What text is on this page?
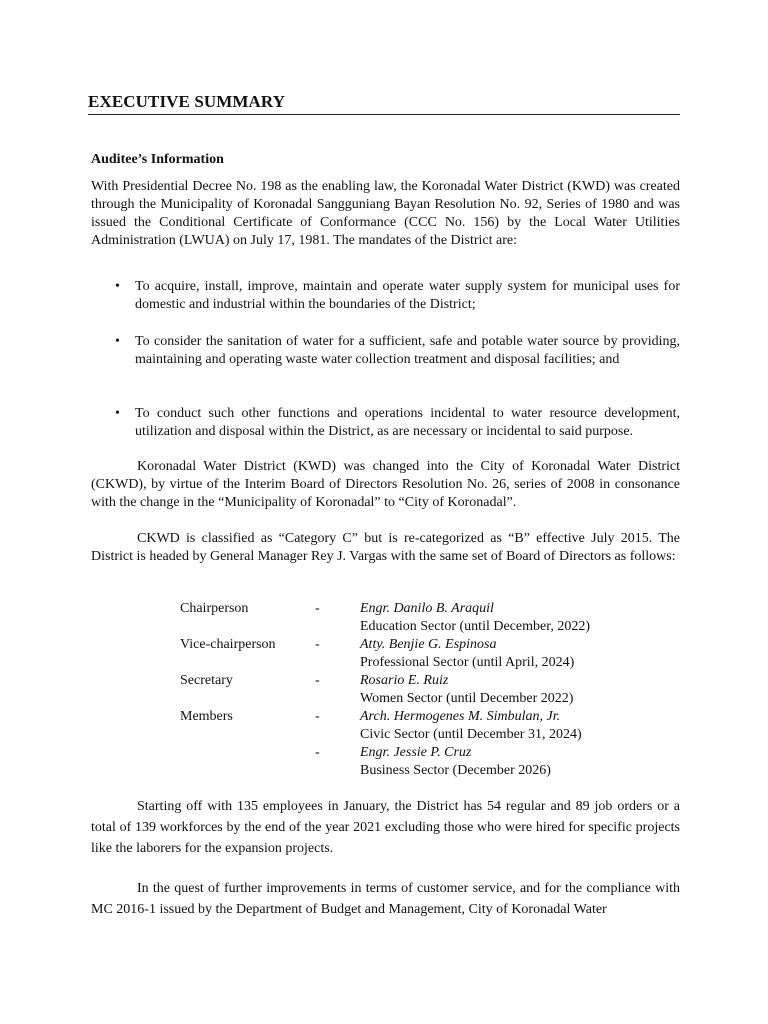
EXECUTIVE SUMMARY
Auditee’s Information

With Presidential Decree No. 198 as the enabling law, the Koronadal Water District (KWD) was created through the Municipality of Koronadal Sangguniang Bayan Resolution No. 92, Series of 1980 and was issued the Conditional Certificate of Conformance (CCC No. 156) by the Local Water Utilities Administration (LWUA) on July 17, 1981. The mandates of the District are:

•	To acquire, install, improve, maintain and operate water supply system for municipal uses for domestic and industrial within the boundaries of the District;
•	To consider the sanitation of water for a sufficient, safe and potable water source by providing, maintaining and operating waste water collection treatment and disposal facilities; and
•	To conduct such other functions and operations incidental to water resource development, utilization and disposal within the District, as are necessary or incidental to said purpose.

Koronadal Water District (KWD) was changed into the City of Koronadal Water District (CKWD), by virtue of the Interim Board of Directors Resolution No. 26, series of 2008 in consonance with the change in the “Municipality of Koronadal” to “City of Koronadal”.

CKWD is classified as “Category C” but is re-categorized as “B” effective July 2015. The District is headed by General Manager Rey J. Vargas with the same set of Board of Directors as follows:

Chairperson	-	Engr. Danilo B. Araquil
Education Sector (until December, 2022)
Vice-chairperson	-	Atty. Benjie G. Espinosa
Professional Sector (until April, 2024)
Secretary	-	Rosario E. Ruiz
Women Sector (until December 2022)
Members	-	Arch. Hermogenes M. Simbulan, Jr.
Civic Sector (until December 31, 2024)
-	Engr. Jessie P. Cruz
Business Sector (December 2026)

Starting off with 135 employees in January, the District has 54 regular and 89 job orders or a total of 139 workforces by the end of the year 2021 excluding those who were hired for specific projects like the laborers for the expansion projects.

In the quest of further improvements in terms of customer service, and for the compliance with MC 2016-1 issued by the Department of Budget and Management, City of Koronadal Water
